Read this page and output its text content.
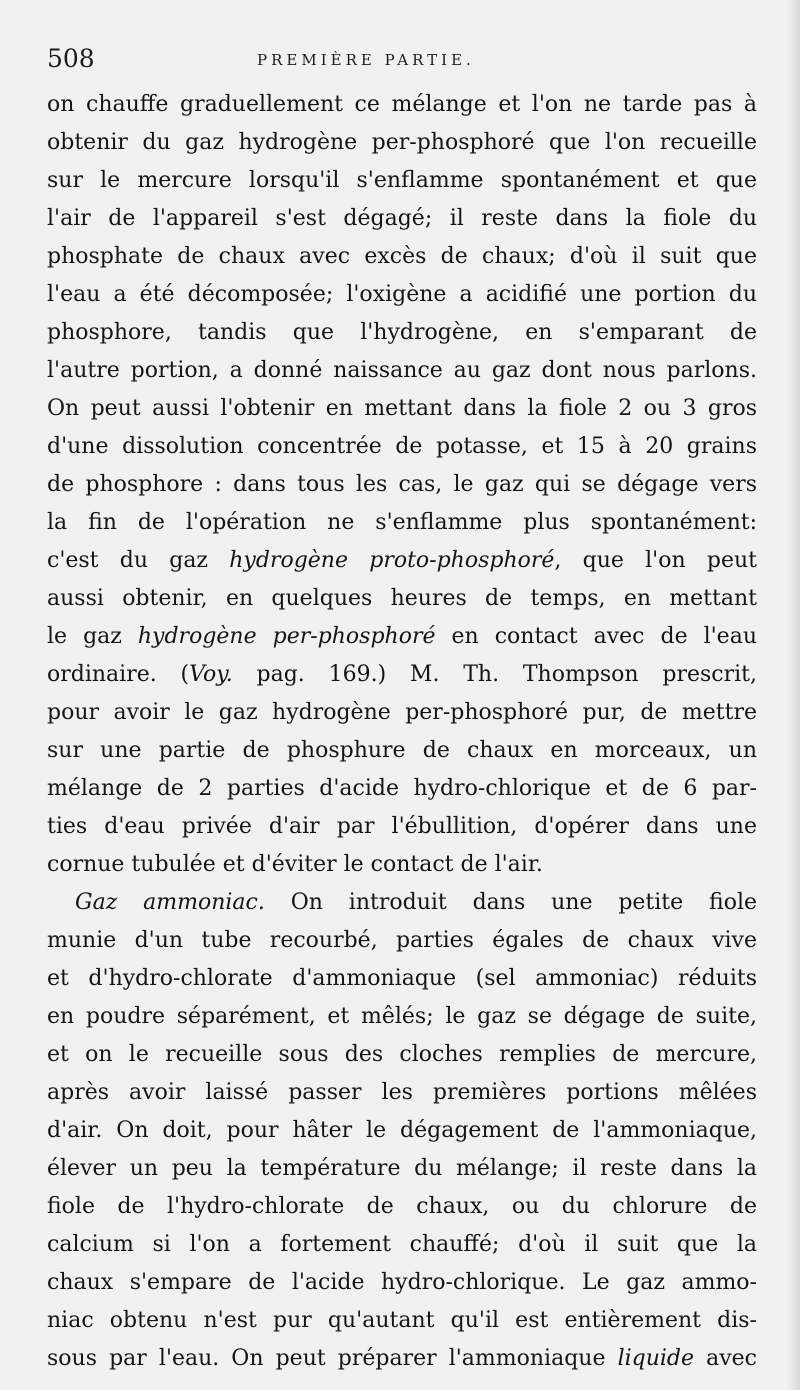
508	PREMIÈRE PARTIE.
on chauffe graduellement ce mélange et l'on ne tarde pas à
obtenir du gaz hydrogène per-phosphoré que l'on recueille
sur le mercure lorsqu'il s'enflamme spontanément et que
l'air de l'appareil s'est dégagé; il reste dans la fiole du
phosphate de chaux avec excès de chaux; d'où il suit que
l'eau a été décomposée; l'oxigène a acidifié une portion du
phosphore, tandis que l'hydrogène, en s'emparant de
l'autre portion, a donné naissance au gaz dont nous parlons.
On peut aussi l'obtenir en mettant dans la fiole 2 ou 3 gros
d'une dissolution concentrée de potasse, et 15 à 20 grains
de phosphore : dans tous les cas, le gaz qui se dégage vers
la fin de l'opération ne s'enflamme plus spontanément:
c'est du gaz hydrogène proto-phosphoré, que l'on peut
aussi obtenir, en quelques heures de temps, en mettant
le gaz hydrogène per-phosphoré en contact avec de l'eau
ordinaire. (Voy. pag. 169.) M. Th. Thompson prescrit,
pour avoir le gaz hydrogène per-phosphoré pur, de mettre
sur une partie de phosphure de chaux en morceaux, un
mélange de 2 parties d'acide hydro-chlorique et de 6 par-
ties d'eau privée d'air par l'ébullition, d'opérer dans une
cornue tubulée et d'éviter le contact de l'air.
Gaz ammoniac. On introduit dans une petite fiole
munie d'un tube recourbé, parties égales de chaux vive
et d'hydro-chlorate d'ammoniaque (sel ammoniac) réduits
en poudre séparément, et mêlés; le gaz se dégage de suite,
et on le recueille sous des cloches remplies de mercure,
après avoir laissé passer les premières portions mêlées
d'air. On doit, pour hâter le dégagement de l'ammoniaque,
élever un peu la température du mélange; il reste dans la
fiole de l'hydro-chlorate de chaux, ou du chlorure de
calcium si l'on a fortement chauffé; d'où il suit que la
chaux s'empare de l'acide hydro-chlorique. Le gaz ammo-
niac obtenu n'est pur qu'autant qu'il est entièrement dis-
sous par l'eau. On peut préparer l'ammoniaque liquide avec
